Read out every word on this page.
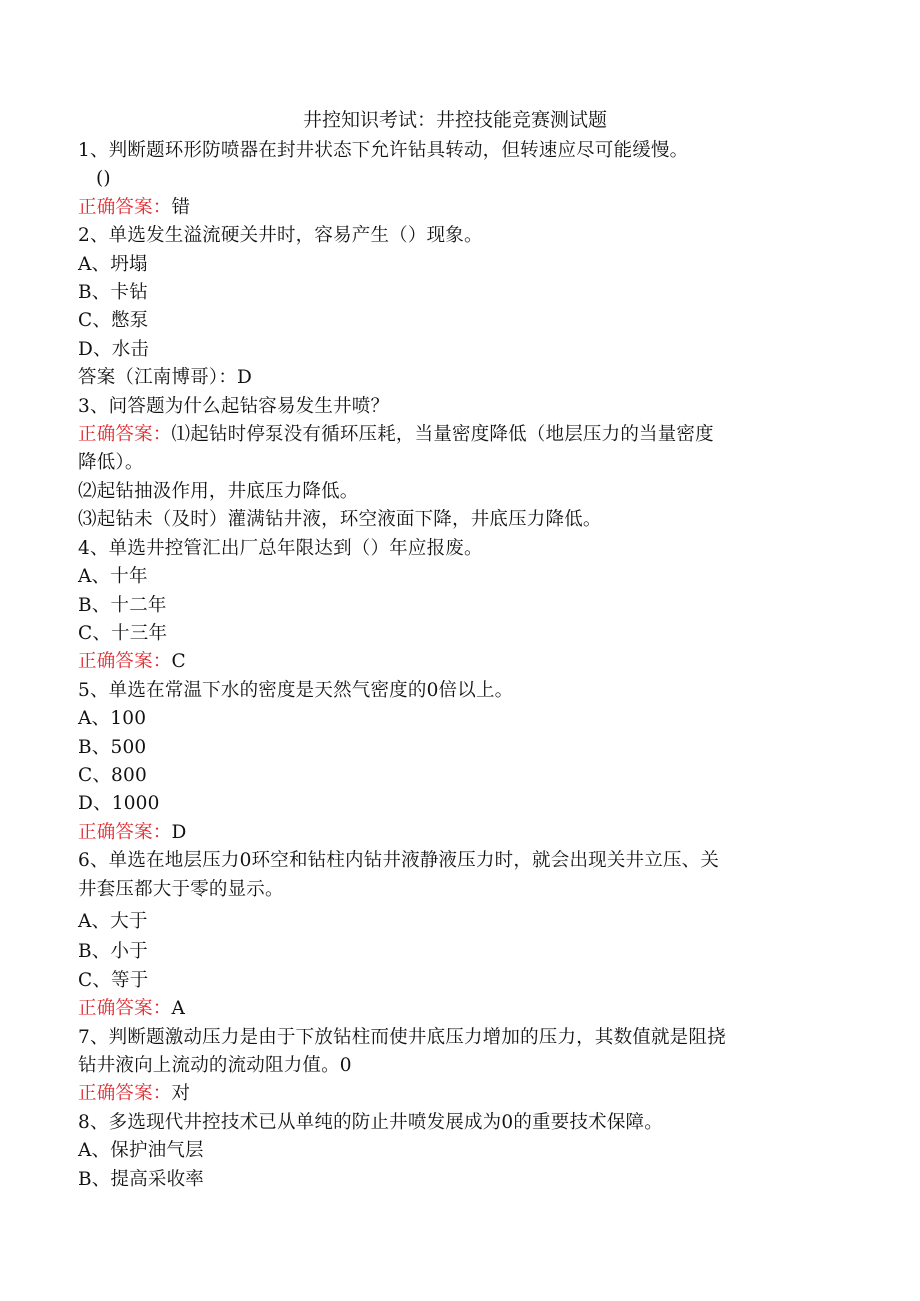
井控知识考试：井控技能竞赛测试题
1、判断题环形防喷器在封井状态下允许钻具转动，但转速应尽可能缓慢。
()
正确答案：错
2、单选发生溢流硬关井时，容易产生（）现象。
A、坍塌
B、卡钻
C、憋泵
D、水击
答案（江南博哥）：D
3、问答题为什么起钻容易发生井喷？
正确答案：⑴起钻时停泵没有循环压耗，当量密度降低（地层压力的当量密度
降低）。
⑵起钻抽汲作用，井底压力降低。
⑶起钻未（及时）灌满钻井液，环空液面下降，井底压力降低。
4、单选井控管汇出厂总年限达到（）年应报废。
A、十年
B、十二年
C、十三年
正确答案：C
5、单选在常温下水的密度是天然气密度的0倍以上。
A、100
B、500
C、800
D、1000
正确答案：D
6、单选在地层压力0环空和钻柱内钻井液静液压力时，就会出现关井立压、关
井套压都大于零的显示。
A、大于
B、小于
C、等于
正确答案：A
7、判断题激动压力是由于下放钻柱而使井底压力增加的压力，其数值就是阻挠
钻井液向上流动的流动阻力值。0
正确答案：对
8、多选现代井控技术已从单纯的防止井喷发展成为0的重要技术保障。
A、保护油气层
B、提高采收率
